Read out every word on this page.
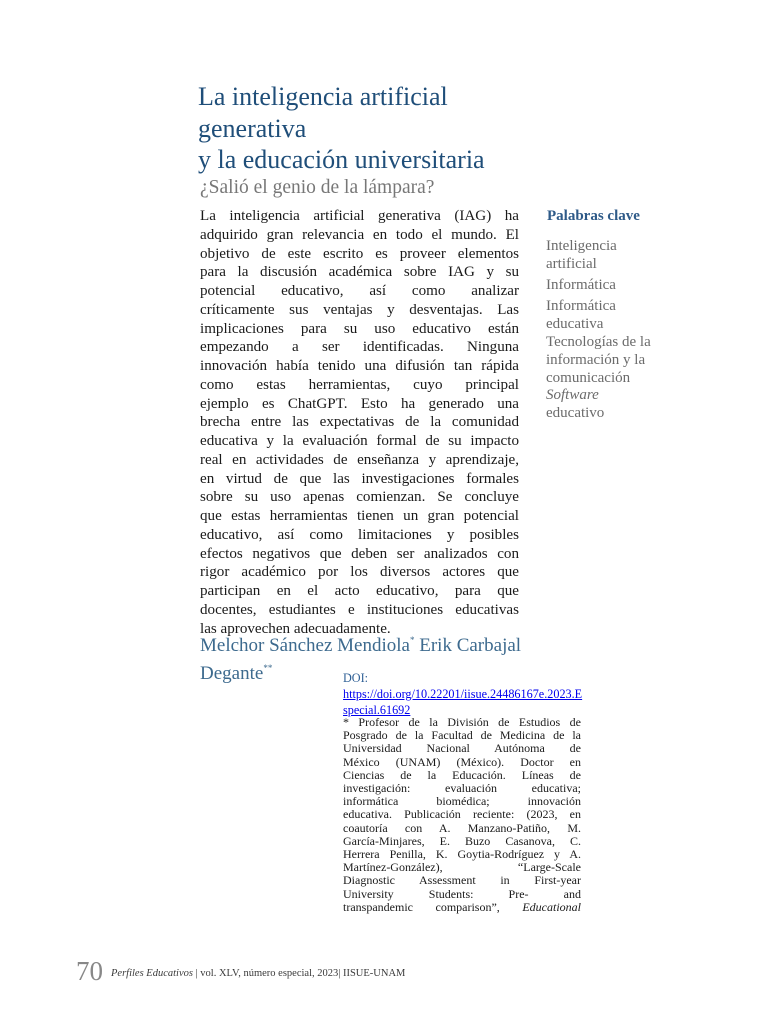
La inteligencia artificial
generativa
y la educación universitaria
¿Salió el genio de la lámpara?
La inteligencia artificial generativa (IAG) ha
adquirido gran relevancia en todo el mundo. El
objetivo de este escrito es proveer elementos
para la discusión académica sobre IAG y su
potencial educativo, así como analizar
críticamente sus ventajas y desventajas. Las
implicaciones para su uso educativo están
empezando a ser identificadas. Ninguna
innovación había tenido una difusión tan rápida
como estas herramientas, cuyo principal
ejemplo es ChatGPT. Esto ha generado una
brecha entre las expectativas de la comunidad
educativa y la evaluación formal de su impacto
real en actividades de enseñanza y aprendizaje,
en virtud de que las investigaciones formales
sobre su uso apenas comienzan. Se concluye
que estas herramientas tienen un gran potencial
educativo, así como limitaciones y posibles
efectos negativos que deben ser analizados con
rigor académico por los diversos actores que
participan en el acto educativo, para que
docentes, estudiantes e instituciones educativas
las aprovechen adecuadamente.
Palabras clave
Inteligencia artificial
Informática
Informática educativa
Tecnologías de la información y la comunicación
Software
educativo

Melchor Sánchez Mendiola* Erik Carbajal Degante**

DOI:
https://doi.org/10.22201/iisue.24486167e.2023.Especial.61692
* Profesor de la División de Estudios de
Posgrado de la Facultad de Medicina de la
Universidad Nacional Autónoma de
México (UNAM) (México). Doctor en
Ciencias de la Educación. Líneas de
investigación: evaluación educativa;
informática biomédica; innovación
educativa. Publicación reciente: (2023, en
coautoría con A. Manzano-Patiño, M.
García-Minjares, E. Buzo Casanova, C.
Herrera Penilla, K. Goytia-Rodríguez y A.
Martínez-González), “Large-Scale
Diagnostic Assessment in First-year
University Students: Pre- and
transpandemic comparison”, Educational
70 Perfiles Educativos | vol. XLV, número especial, 2023| IISUE-UNAM
